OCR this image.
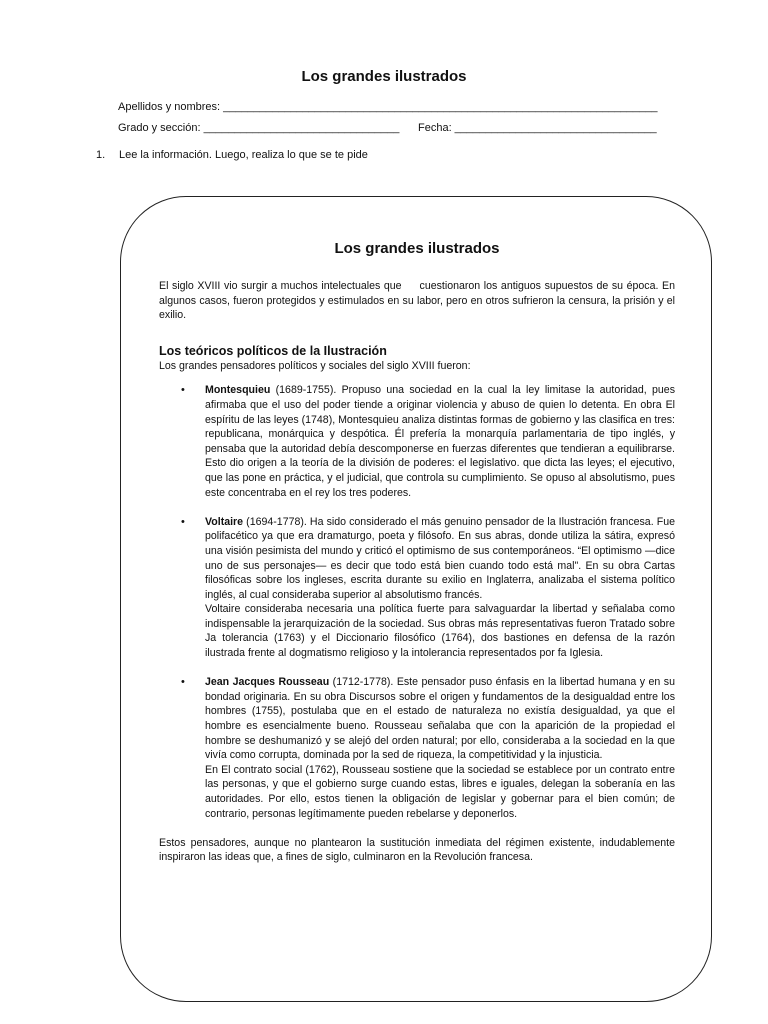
Los grandes ilustrados
Apellidos y nombres: _______________________________________________________________________
Grado y sección: ________________________________ Fecha: _________________________________
1. Lee la información. Luego, realiza lo que se te pide
Los grandes ilustrados

El siglo XVIII vio surgir a muchos intelectuales que     cuestionaron los antiguos supuestos de su época. En algunos casos, fueron protegidos y estimulados en su labor, pero en otros sufrieron la censura, la prisión y el exilio.

Los teóricos políticos de la Ilustración

Los grandes pensadores políticos y sociales del siglo XVIII fueron:

• Montesquieu (1689-1755). Propuso una sociedad en la cual la ley limitase la autoridad, pues afirmaba que el uso del poder tiende a originar violencia y abuso de quien lo detenta. En obra El espíritu de las leyes (1748), Montesquieu analiza distintas formas de gobierno y las clasifica en tres: republicana, monárquica y despótica. Él prefería la monarquía parlamentaria de tipo inglés, y pensaba que la autoridad debía descomponerse en fuerzas diferentes que tendieran a equilibrarse. Esto dio origen a la teoría de la división de poderes: el legislativo. que dicta las leyes; el ejecutivo, que las pone en práctica, y el judicial, que controla su cumplimiento. Se opuso al absolutismo, pues este concentraba en el rey los tres poderes.

• Voltaire (1694-1778). Ha sido considerado el más genuino pensador de la Ilustración francesa. Fue polifacético ya que era dramaturgo, poeta y filósofo. En sus abras, donde utiliza la sátira, expresó una visión pesimista del mundo y criticó el optimismo de sus contemporáneos. “El optimismo —dice uno de sus personajes— es decir que todo está bien cuando todo está mal". En su obra Cartas filosóficas sobre los ingleses, escrita durante su exilio en Inglaterra, analizaba el sistema político inglés, al cual consideraba superior al absolutismo francés.

Voltaire consideraba necesaria una política fuerte para salvaguardar la libertad y señalaba como indispensable la jerarquización de la sociedad. Sus obras más representativas fueron Tratado sobre Ja tolerancia (1763) y el Diccionario filosófico (1764), dos bastiones en defensa de la razón ilustrada frente al dogmatismo religioso y la intolerancia representados por fa Iglesia.

• Jean Jacques Rousseau (1712-1778). Este pensador puso énfasis en la libertad humana y en su bondad originaria. En su obra Discursos sobre el origen y fundamentos de la desigualdad entre los hombres (1755), postulaba que en el estado de naturaleza no existía desigualdad, ya que el hombre es esencialmente bueno. Rousseau señalaba que con la aparición de la propiedad el hombre se deshumanizó y se alejó del orden natural; por ello, consideraba a la sociedad en la que vivía como corrupta, dominada por la sed de riqueza, la competitividad y la injusticia.

En El contrato social (1762), Rousseau sostiene que la sociedad se establece por un contrato entre las personas, y que el gobierno surge cuando estas, libres e iguales, delegan la soberanía en las autoridades. Por ello, estos tienen la obligación de legislar y gobernar para el bien común; de contrario, personas legítimamente pueden rebelarse y deponerlos.

Estos pensadores, aunque no plantearon la sustitución inmediata del régimen existente, indudablemente inspiraron las ideas que, a fines de siglo, culminaron en la Revolución francesa.
